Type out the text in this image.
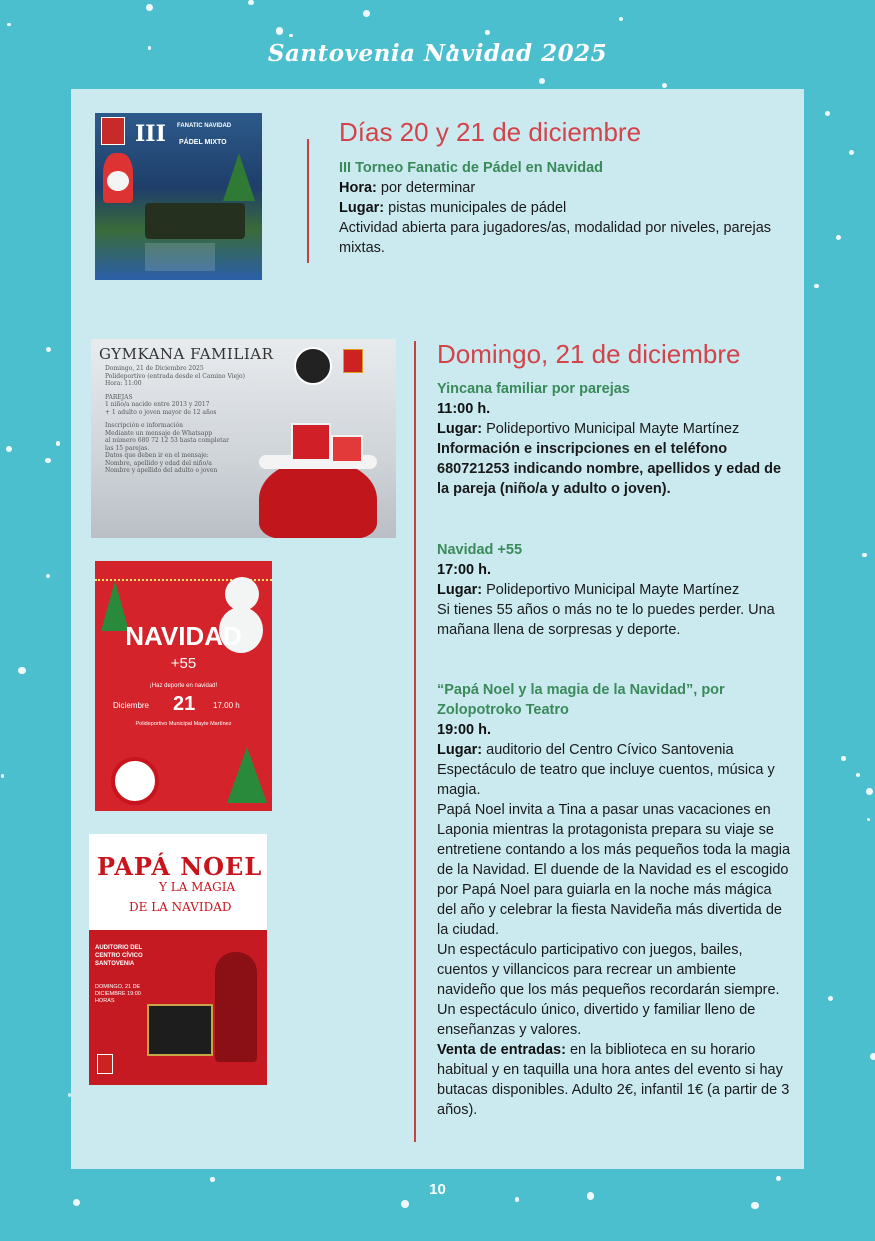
Santovenia Navidad 2025
III FANATIC NAVIDAD
PÁDEL MIXTO	Días 20 y 21 de diciembre

III Torneo Fanatic de Pádel en Navidad

Hora: por determinar

Lugar: pistas municipales de pádel

Actividad abierta para jugadores/as, modalidad por niveles, parejas mixtas.

GYMKANA FAMILIAR
Domingo, 21 de Diciembre 2025
Polideportivo (entrada desde el Camino Viejo)
Hora: 11:00
PAREJAS
1 niño/a nacido entre 2013 y 2017
+ 1 adulto o joven mayor de 12 años
Inscripción e información
Mediante un mensaje de Whatsapp
al número 680 72 12 53 hasta completar
las 15 parejas.
Datos que deben ir en el mensaje:
Nombre, apellido y edad del niño/a
Nombre y apellido del adulto o joven
NAVIDAD
+55
¡Haz deporte en navidad!
Diciembre 21 17.00 h
Polideportivo Municipal Mayte Martínez
PAPÁ NOEL
Y LA MAGIA
DE LA NAVIDAD
AUDITORIO DEL CENTRO CÍVICO SANTOVENIA
DOMINGO, 21 DE DICIEMBRE 19:00 HORAS
Domingo, 21 de diciembre

Yincana familiar por parejas

11:00 h.

Lugar: Polideportivo Municipal Mayte Martínez

Información e inscripciones en el teléfono 680721253 indicando nombre, apellidos y edad de la pareja (niño/a y adulto o joven).

Navidad +55

17:00 h.

Lugar: Polideportivo Municipal Mayte Martínez

Si tienes 55 años o más no te lo puedes perder. Una mañana llena de sorpresas y deporte.

“Papá Noel y la magia de la Navidad”, por Zolopotroko Teatro

19:00 h.

Lugar: auditorio del Centro Cívico Santovenia

Espectáculo de teatro que incluye cuentos, música y magia.

Papá Noel invita a Tina a pasar unas vacaciones en Laponia mientras la protagonista prepara su viaje se entretiene contando a los más pequeños toda la magia de la Navidad. El duende de la Navidad es el escogido por Papá Noel para guiarla en la noche más mágica del año y celebrar la fiesta Navideña más divertida de la ciudad.

Un espectáculo participativo con juegos, bailes, cuentos y villancicos para recrear un ambiente navideño que los más pequeños recordarán siempre. Un espectáculo único, divertido y familiar lleno de enseñanzas y valores.

Venta de entradas: en la biblioteca en su horario habitual y en taquilla una hora antes del evento si hay butacas disponibles. Adulto 2€, infantil 1€ (a partir de 3 años).

10
